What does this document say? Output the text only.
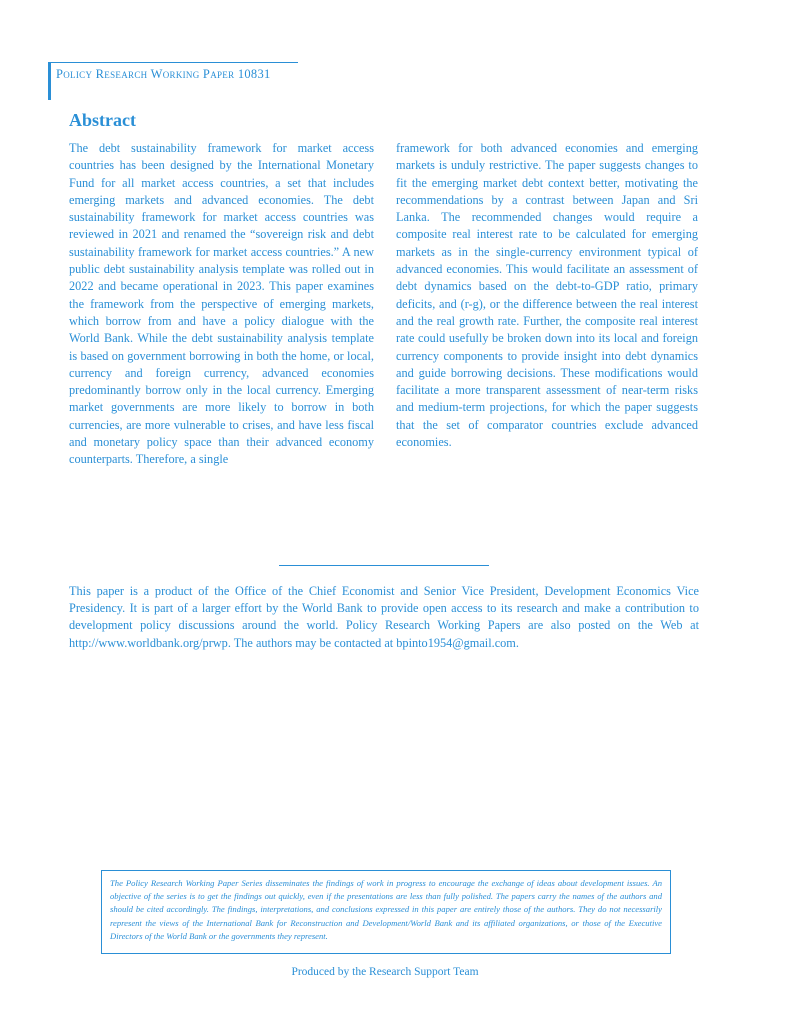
Policy Research Working Paper 10831
Abstract

The debt sustainability framework for market access countries has been designed by the International Monetary Fund for all market access countries, a set that includes emerging markets and advanced economies. The debt sustainability framework for market access countries was reviewed in 2021 and renamed the “sovereign risk and debt sustainability framework for market access countries.” A new public debt sustainability analysis template was rolled out in 2022 and became operational in 2023. This paper examines the framework from the perspective of emerging markets, which borrow from and have a policy dialogue with the World Bank. While the debt sustainability analysis template is based on government borrowing in both the home, or local, currency and foreign currency, advanced economies predominantly borrow only in the local currency. Emerging market governments are more likely to borrow in both currencies, are more vulnerable to crises, and have less fiscal and monetary policy space than their advanced economy counterparts. Therefore, a single

framework for both advanced economies and emerging markets is unduly restrictive. The paper suggests changes to fit the emerging market debt context better, motivating the recommendations by a contrast between Japan and Sri Lanka. The recommended changes would require a composite real interest rate to be calculated for emerging markets as in the single-currency environment typical of advanced economies. This would facilitate an assessment of debt dynamics based on the debt-to-GDP ratio, primary deficits, and (r-g), or the difference between the real interest and the real growth rate. Further, the composite real interest rate could usefully be broken down into its local and foreign currency components to provide insight into debt dynamics and guide borrowing decisions. These modifications would facilitate a more transparent assessment of near-term risks and medium-term projections, for which the paper suggests that the set of comparator countries exclude advanced economies.

This paper is a product of the Office of the Chief Economist and Senior Vice President, Development Economics Vice Presidency. It is part of a larger effort by the World Bank to provide open access to its research and make a contribution to development policy discussions around the world. Policy Research Working Papers are also posted on the Web at http://www.worldbank.org/prwp. The authors may be contacted at bpinto1954@gmail.com.

The Policy Research Working Paper Series disseminates the findings of work in progress to encourage the exchange of ideas about development issues. An objective of the series is to get the findings out quickly, even if the presentations are less than fully polished. The papers carry the names of the authors and should be cited accordingly. The findings, interpretations, and conclusions expressed in this paper are entirely those of the authors. They do not necessarily represent the views of the International Bank for Reconstruction and Development/World Bank and its affiliated organizations, or those of the Executive Directors of the World Bank or the governments they represent.

Produced by the Research Support Team
